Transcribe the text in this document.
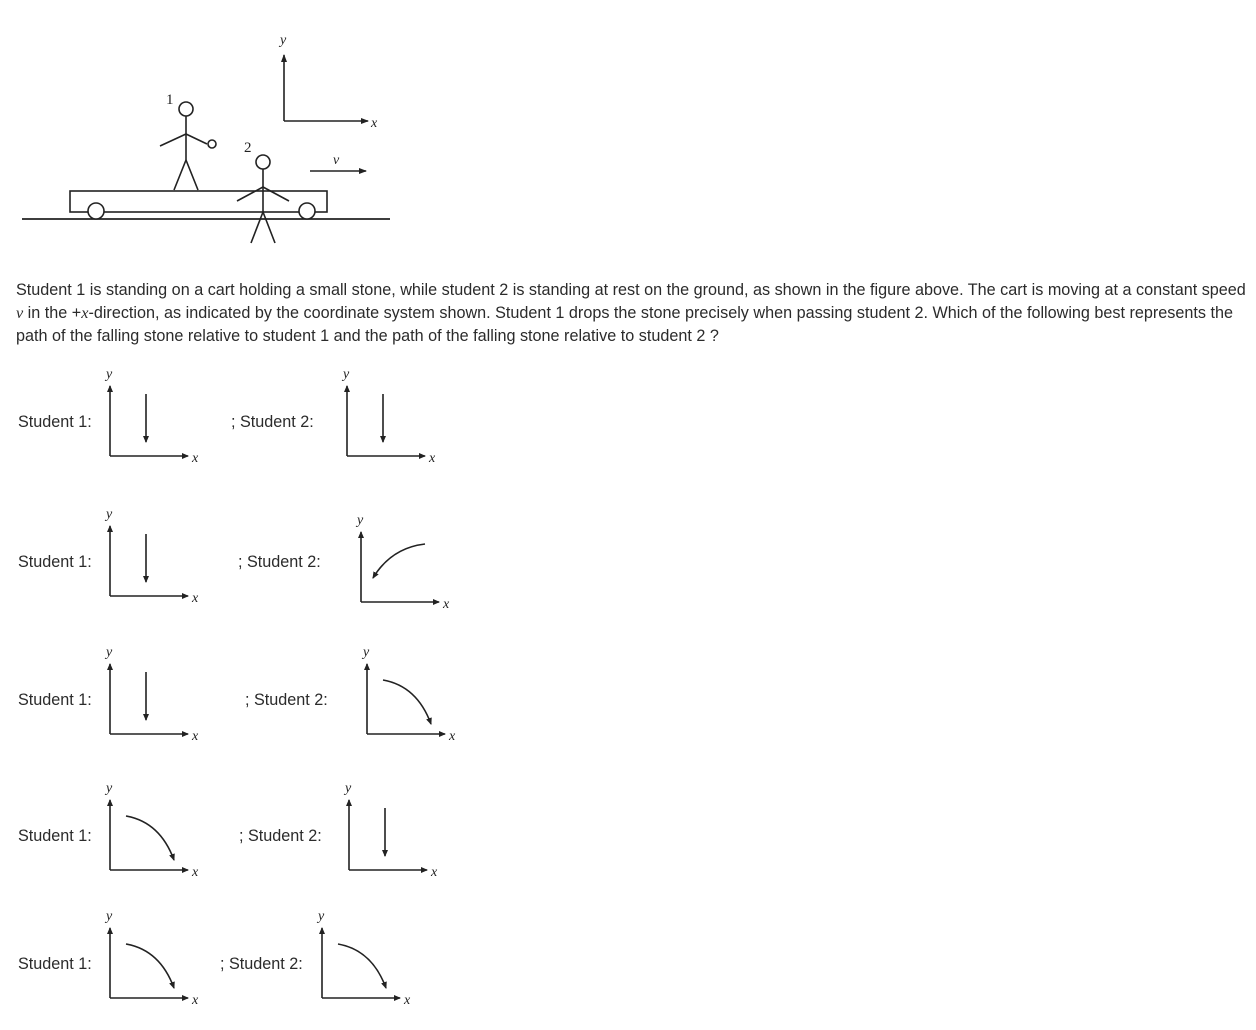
y
x
v
1
2
Student 1 is standing on a cart holding a small stone, while student 2 is standing at rest on the ground, as shown in the figure above. The cart is moving at a constant speed v in the +x-direction, as indicated by the coordinate system shown. Student 1 drops the stone precisely when passing student 2. Which of the following best represents the path of the falling stone relative to student 1 and the path of the falling stone relative to student 2 ?
Student 1:
y
x
; Student 2:
y
x
Student 1:
y
x
; Student 2:
y
x
Student 1:
y
x
; Student 2:
y
x
Student 1:
y
x
; Student 2:
y
x
Student 1:
y
x
; Student 2:
y
x
